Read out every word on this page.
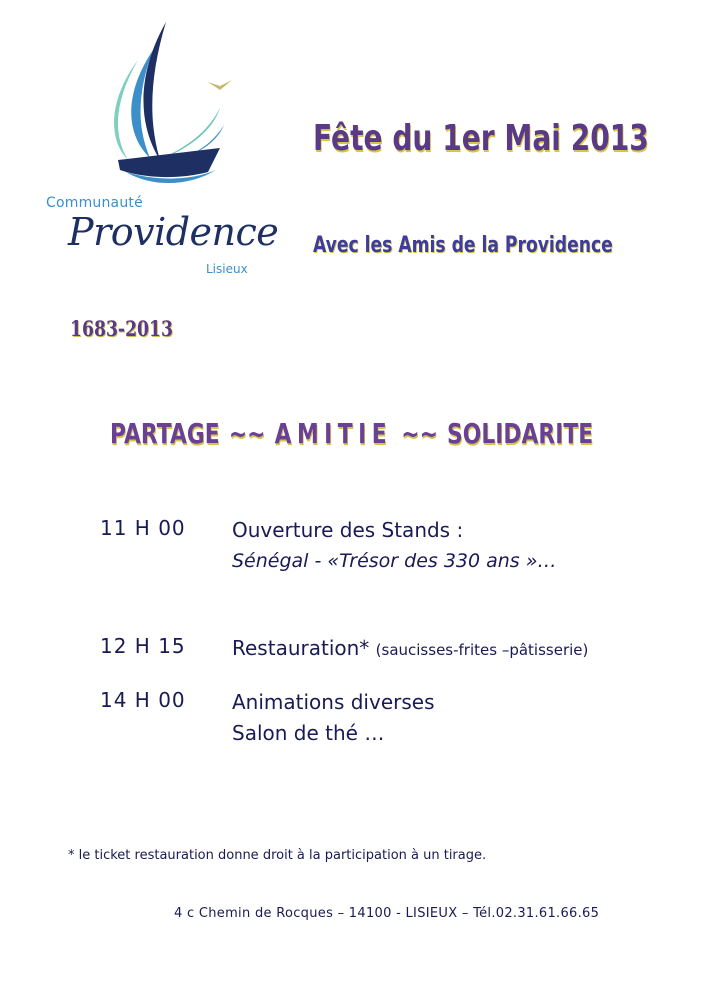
Communauté
Providence
Lisieux
Fête du 1er Mai 2013
Avec les Amis de la Providence
1683-2013
PARTAGE ~~ AMITIE ~~ SOLIDARITE
11 H 00 Ouverture des Stands :
Sénégal - «Trésor des 330 ans »…
12 H 15 Restauration* (saucisses-frites –pâtisserie)
14 H 00 Animations diverses
Salon de thé …
* le ticket restauration donne droit à la participation à un tirage.
4 c Chemin de Rocques – 14100 - LISIEUX – Tél.02.31.61.66.65
